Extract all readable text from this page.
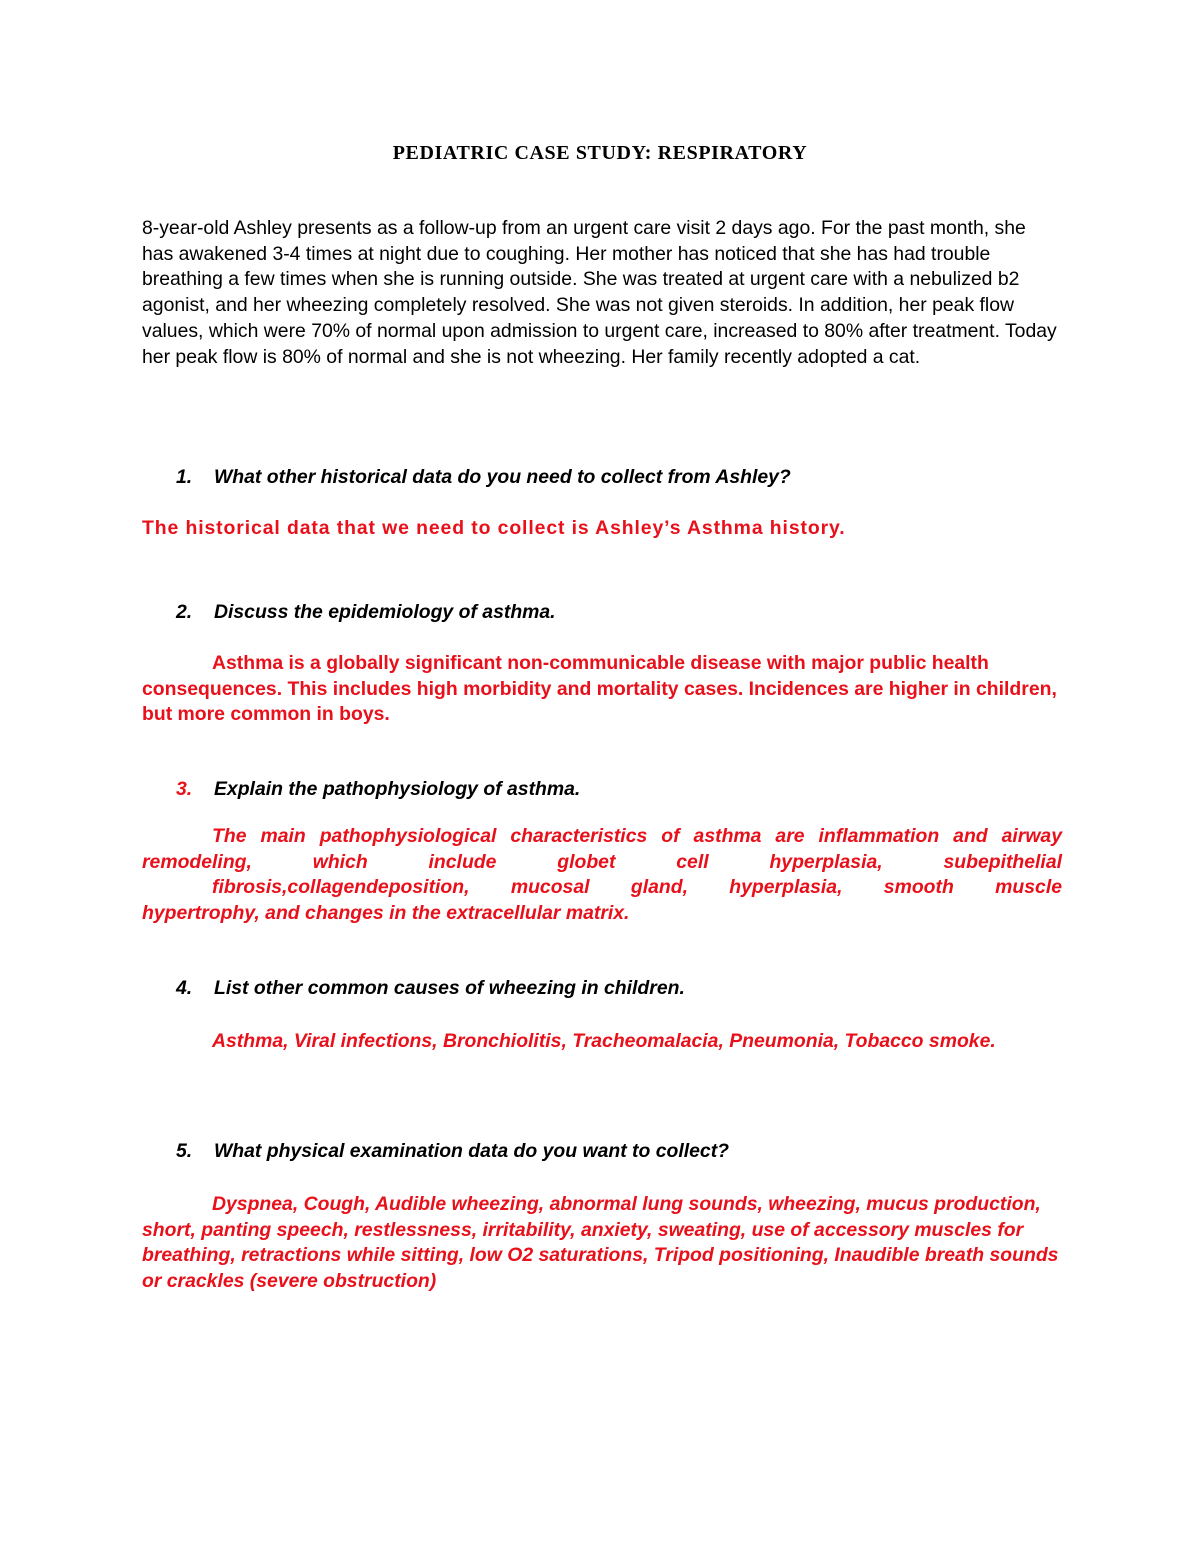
PEDIATRIC CASE STUDY: RESPIRATORY

8-year-old Ashley presents as a follow-up from an urgent care visit 2 days ago. For the past month, she has awakened 3-4 times at night due to coughing. Her mother has noticed that she has had trouble breathing a few times when she is running outside. She was treated at urgent care with a nebulized b2 agonist, and her wheezing completely resolved. She was not given steroids. In addition, her peak flow values, which were 70% of normal upon admission to urgent care, increased to 80% after treatment. Today her peak flow is 80% of normal and she is not wheezing. Her family recently adopted a cat.

1. What other historical data do you need to collect from Ashley?

The historical data that we need to collect is Ashley’s Asthma history.

2. Discuss the epidemiology of asthma.

Asthma is a globally significant non-communicable disease with major public health consequences. This includes high morbidity and mortality cases. Incidences are higher in children, but more common in boys.

3. Explain the pathophysiology of asthma.

The main pathophysiological characteristics of asthma are inflammation and airway
remodeling, which include globet cell hyperplasia, subepithelial
fibrosis,collagendeposition, mucosal gland, hyperplasia, smooth muscle
hypertrophy, and changes in the extracellular matrix.

4. List other common causes of wheezing in children.

Asthma, Viral infections, Bronchiolitis, Tracheomalacia, Pneumonia, Tobacco smoke.

5. What physical examination data do you want to collect?

Dyspnea, Cough, Audible wheezing, abnormal lung sounds, wheezing, mucus production, short, panting speech, restlessness, irritability, anxiety, sweating, use of accessory muscles for breathing, retractions while sitting, low O2 saturations, Tripod positioning, Inaudible breath sounds or crackles (severe obstruction)
